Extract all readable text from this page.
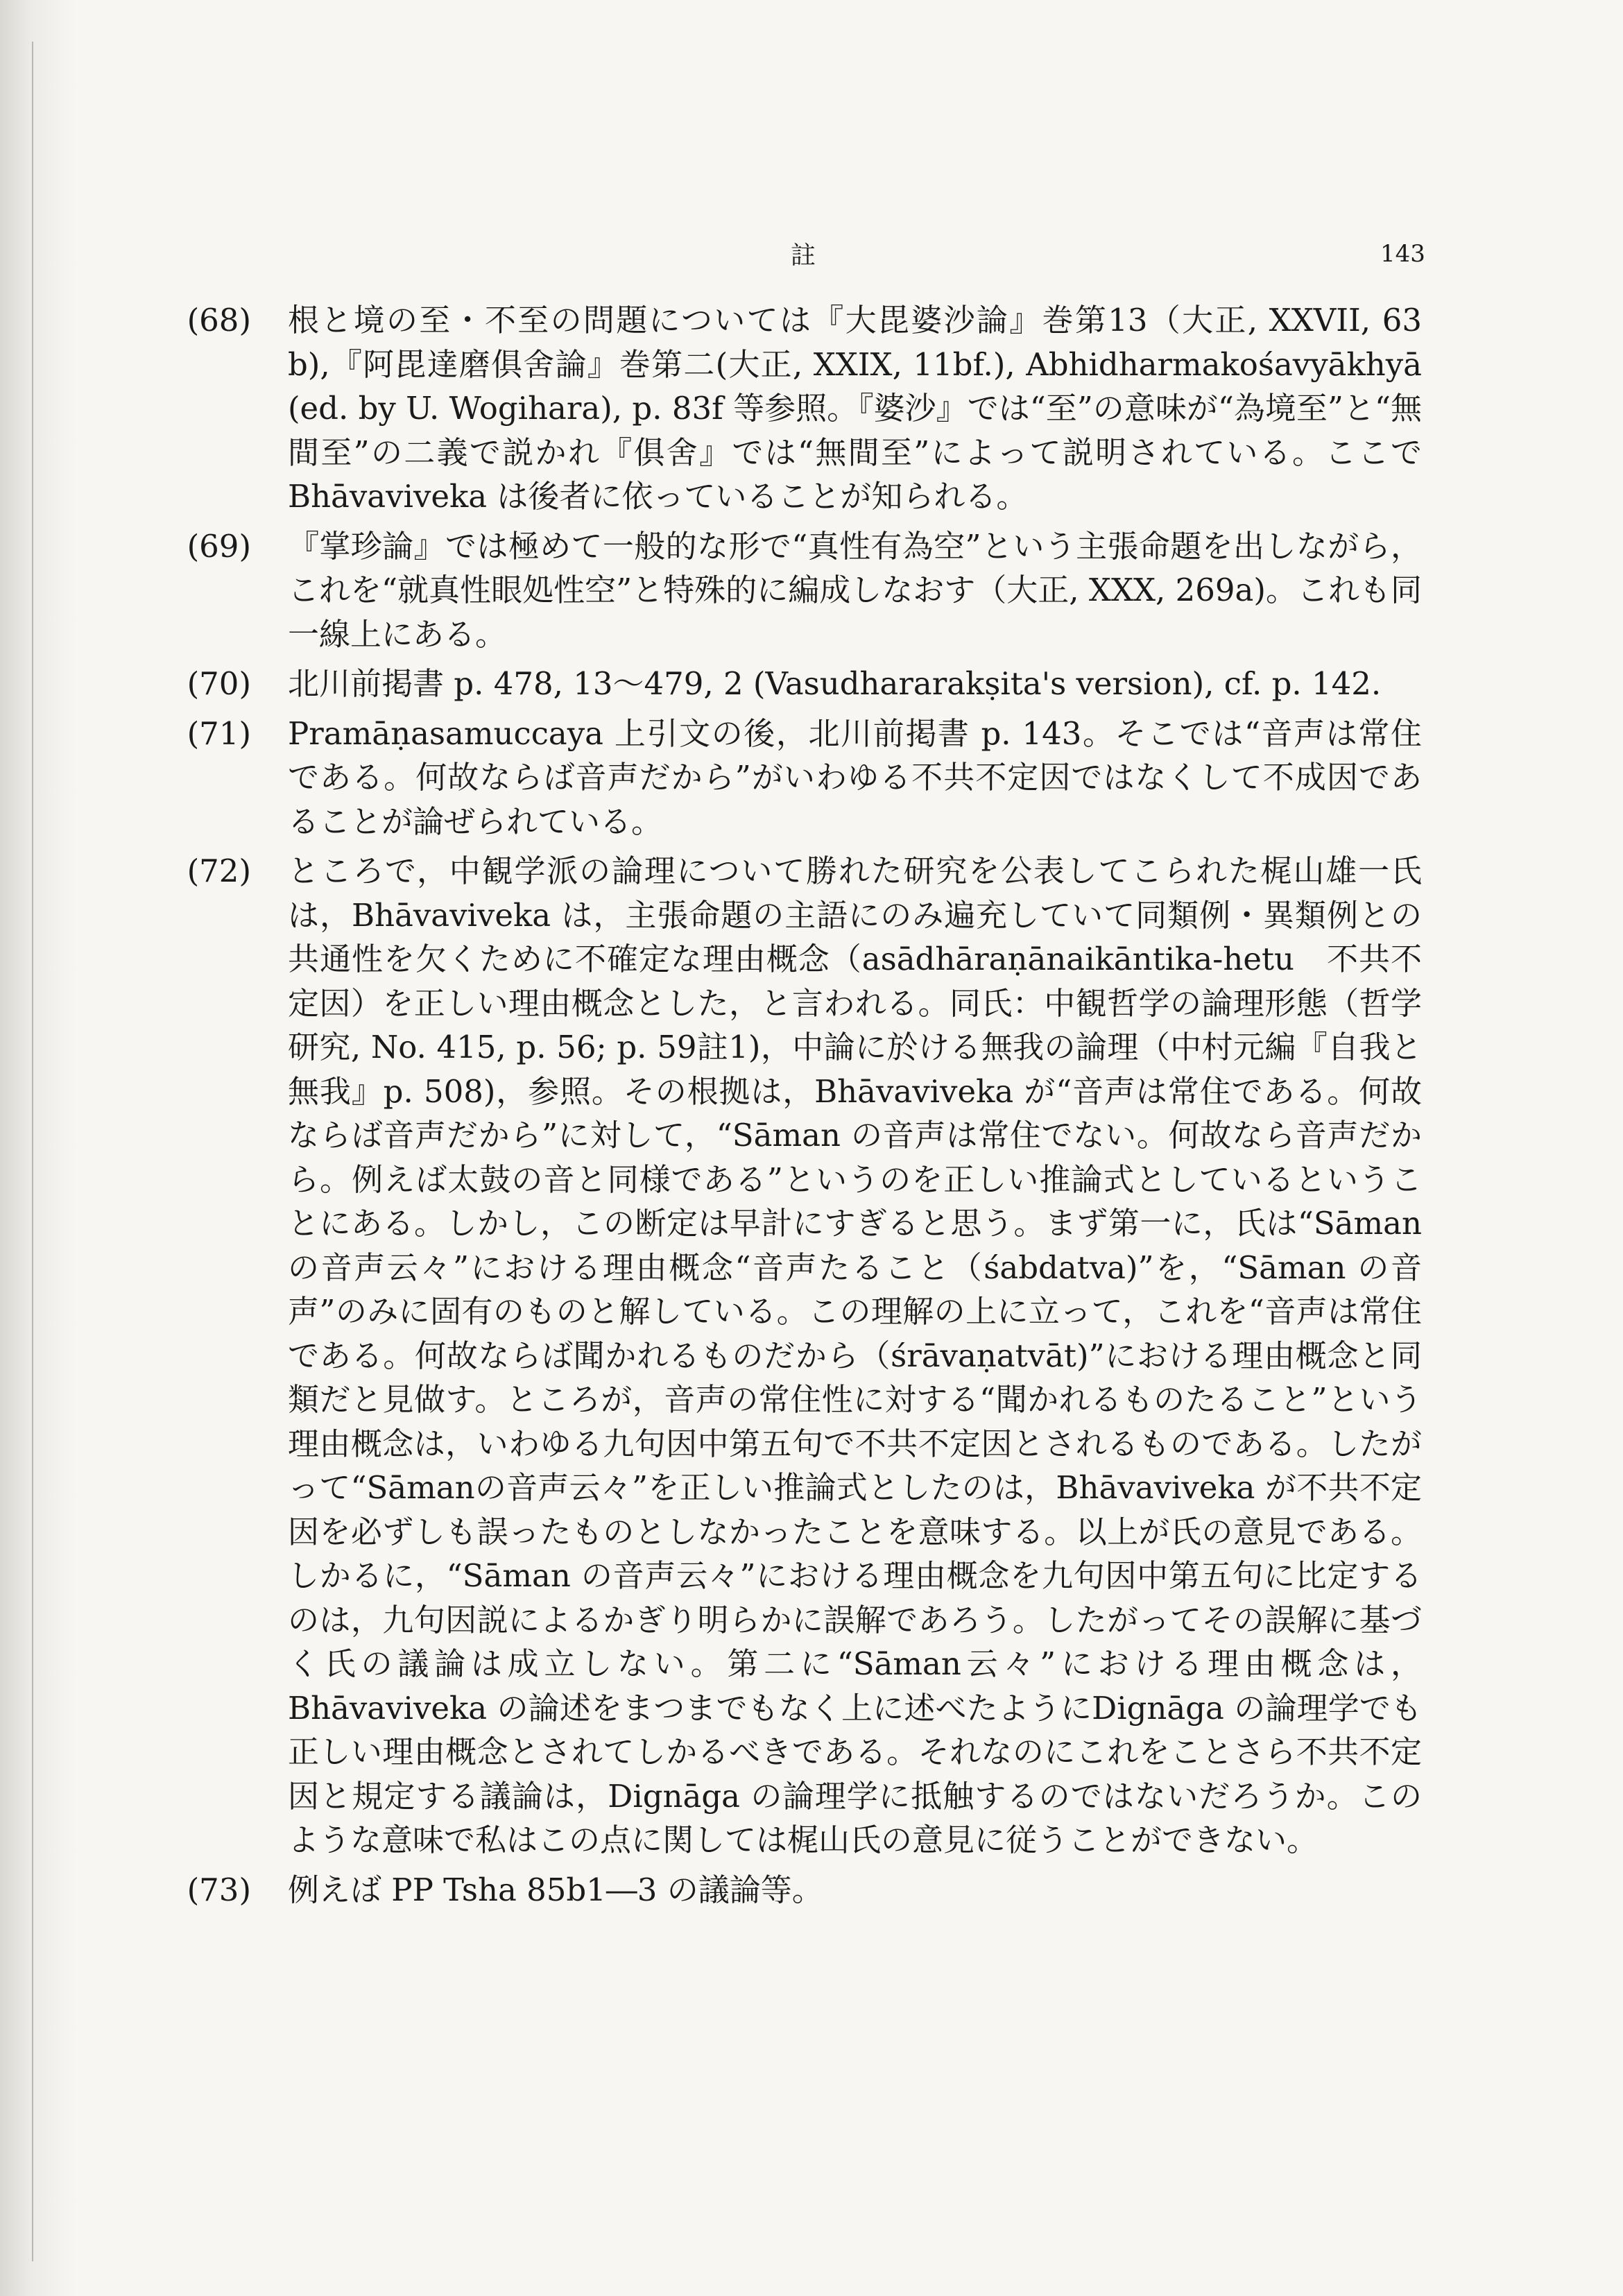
註	143
(68) 根と境の至・不至の問題については『大毘婆沙論』巻第13（大正, XXVII, 63 b),『阿毘達磨俱舍論』巻第二(大正, XXIX, 11bf.), Abhidharmakośavyākhyā (ed. by U. Wogihara), p. 83f 等参照。『婆沙』では“至”の意味が“為境至”と“無間至”の二義で説かれ『俱舍』では“無間至”によって説明されている。ここで Bhāvaviveka は後者に依っていることが知られる。
(69) 『掌珍論』では極めて一般的な形で“真性有為空”という主張命題を出しながら，これを“就真性眼処性空”と特殊的に編成しなおす（大正, XXX, 269a)。これも同一線上にある。
(70) 北川前掲書 p. 478, 13〜479, 2 (Vasudhararakṣita's version), cf. p. 142.
(71) Pramāṇasamuccaya 上引文の後，北川前掲書 p. 143。そこでは“音声は常住である。何故ならば音声だから”がいわゆる不共不定因ではなくして不成因であることが論ぜられている。
(72) ところで，中観学派の論理について勝れた研究を公表してこられた梶山雄一氏は，Bhāvaviveka は，主張命題の主語にのみ遍充していて同類例・異類例との共通性を欠くために不確定な理由概念（asādhāraṇānaikāntika-hetu　不共不定因）を正しい理由概念とした，と言われる。同氏：中観哲学の論理形態（哲学研究, No. 415, p. 56; p. 59註1)，中論に於ける無我の論理（中村元編『自我と無我』p. 508)，参照。その根拠は，Bhāvaviveka が“音声は常住である。何故ならば音声だから”に対して，“Sāman の音声は常住でない。何故なら音声だから。例えば太鼓の音と同様である”というのを正しい推論式としているということにある。しかし，この断定は早計にすぎると思う。まず第一に，氏は“Sāman の音声云々”における理由概念“音声たること（śabdatva)”を，“Sāman の音声”のみに固有のものと解している。この理解の上に立って，これを“音声は常住である。何故ならば聞かれるものだから（śrāvaṇatvāt)”における理由概念と同類だと見做す。ところが，音声の常住性に対する“聞かれるものたること”という理由概念は，いわゆる九句因中第五句で不共不定因とされるものである。したがって“Sāmanの音声云々”を正しい推論式としたのは，Bhāvaviveka が不共不定因を必ずしも誤ったものとしなかったことを意味する。以上が氏の意見である。しかるに，“Sāman の音声云々”における理由概念を九句因中第五句に比定するのは，九句因説によるかぎり明らかに誤解であろう。したがってその誤解に基づく氏の議論は成立しない。第二に“Sāman云々”における理由概念は，Bhāvaviveka の論述をまつまでもなく上に述べたようにDignāga の論理学でも正しい理由概念とされてしかるべきである。それなのにこれをことさら不共不定因と規定する議論は，Dignāga の論理学に抵触するのではないだろうか。このような意味で私はこの点に関しては梶山氏の意見に従うことができない。
(73) 例えば PP Tsha 85b1―3 の議論等。
